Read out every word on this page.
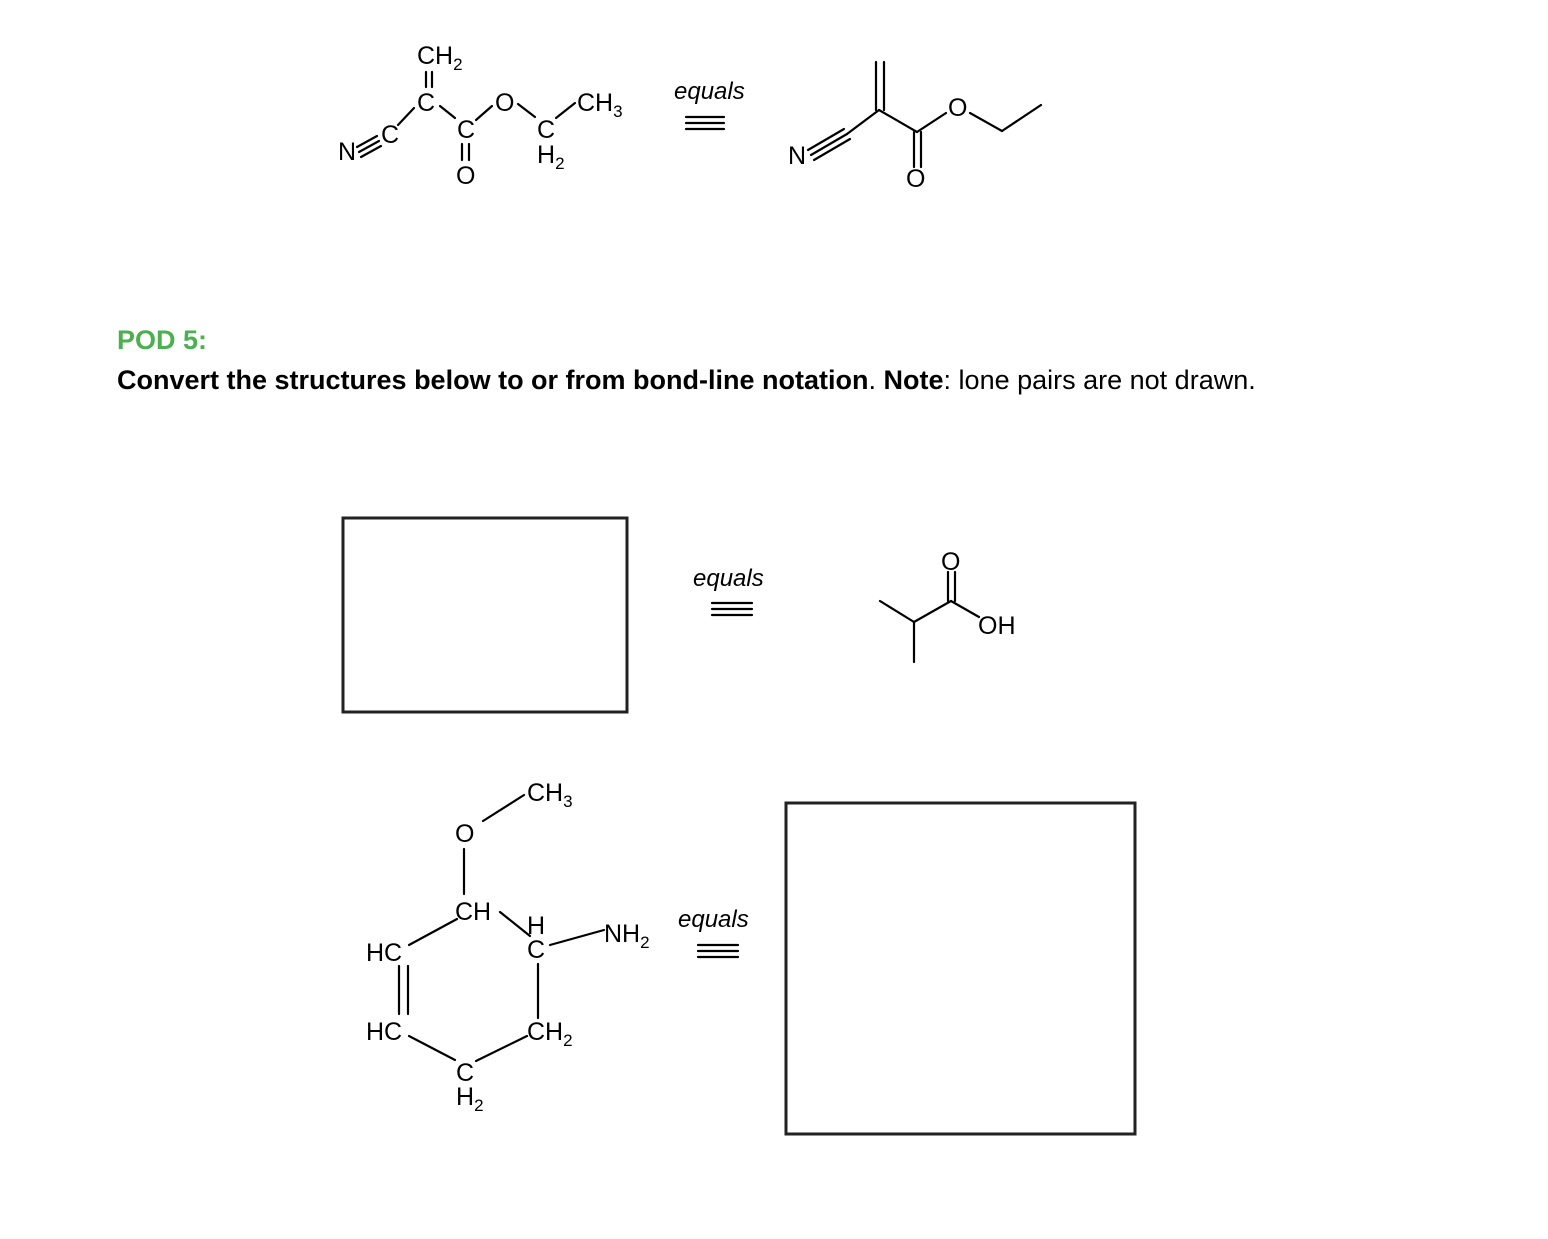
$CH_2$
C
N
C C
O
O
C
$H_2$
$CH_3$
equals
N
O
O
equals
O
OH
$CH_3$
O
CH H
C
$NH_2$
$CH_2$
C
$H_2$
HC
HC
equals
POD 5:
Convert the structures below to or from bond-line notation. Note: lone pairs are not drawn.
